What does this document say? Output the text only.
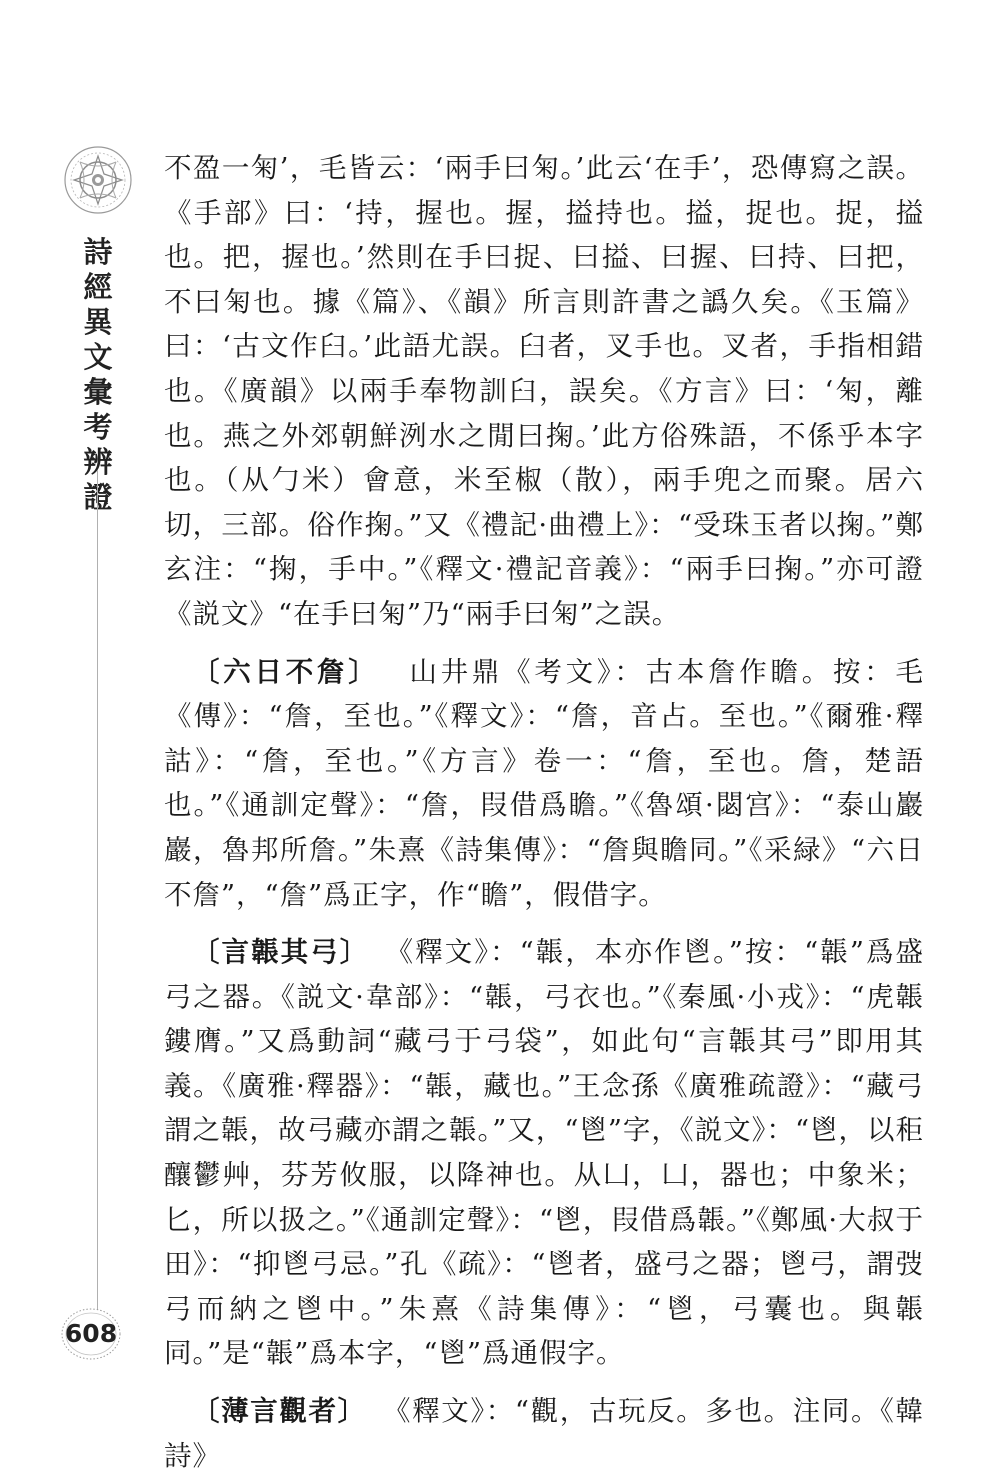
詩經異文彙考辨證
608

不盈一匊’，毛皆云：‘兩手曰匊。’此云‘在手’，恐傳寫之誤。《手部》曰：‘持，握也。握，搤持也。搤，捉也。捉，搤也。把，握也。’然則在手曰捉、曰搤、曰握、曰持、曰把，不曰匊也。據《篇》、《韻》所言則許書之譌久矣。《玉篇》曰：‘古文作臼。’此語尤誤。臼者，叉手也。叉者，手指相錯也。《廣韻》以兩手奉物訓臼，誤矣。《方言》曰：‘匊，離也。燕之外郊朝鮮洌水之閒曰掬。’此方俗殊語，不係乎本字也。（从勹米）會意，米至椒（散），兩手兜之而聚。居六切，三部。俗作掬。”又《禮記·曲禮上》：“受珠玉者以掬。”鄭玄注：“掬，手中。”《釋文·禮記音義》：“兩手曰掬。”亦可證《説文》“在手曰匊”乃“兩手曰匊”之誤。

〔六日不詹〕 山井鼎《考文》：古本詹作瞻。按：毛《傳》：“詹，至也。”《釋文》：“詹，音占。至也。”《爾雅·釋詁》：“詹，至也。”《方言》卷一：“詹，至也。詹，楚語也。”《通訓定聲》：“詹，叚借爲瞻。”《魯頌·閟宫》：“泰山巖巖，魯邦所詹。”朱熹《詩集傳》：“詹與瞻同。”《采緑》“六日不詹”，“詹”爲正字，作“瞻”，假借字。

〔言韔其弓〕 《釋文》：“韔，本亦作鬯。”按：“韔”爲盛弓之器。《説文·韋部》：“韔，弓衣也。”《秦風·小戎》：“虎韔鏤膺。”又爲動詞“藏弓于弓袋”，如此句“言韔其弓”即用其義。《廣雅·釋器》：“韔，藏也。”王念孫《廣雅疏證》：“藏弓謂之韔，故弓藏亦謂之韔。”又，“鬯”字，《説文》：“鬯，以秬釀鬱艸，芬芳攸服，以降神也。从凵，凵，器也；中象米；匕，所以扱之。”《通訓定聲》：“鬯，叚借爲韔。”《鄭風·大叔于田》：“抑鬯弓忌。”孔《疏》：“鬯者，盛弓之器；鬯弓，謂弢弓而納之鬯中。”朱熹《詩集傳》：“鬯，弓囊也。與韔同。”是“韔”爲本字，“鬯”爲通假字。

〔薄言觀者〕 《釋文》：“觀，古玩反。多也。注同。《韓詩》
